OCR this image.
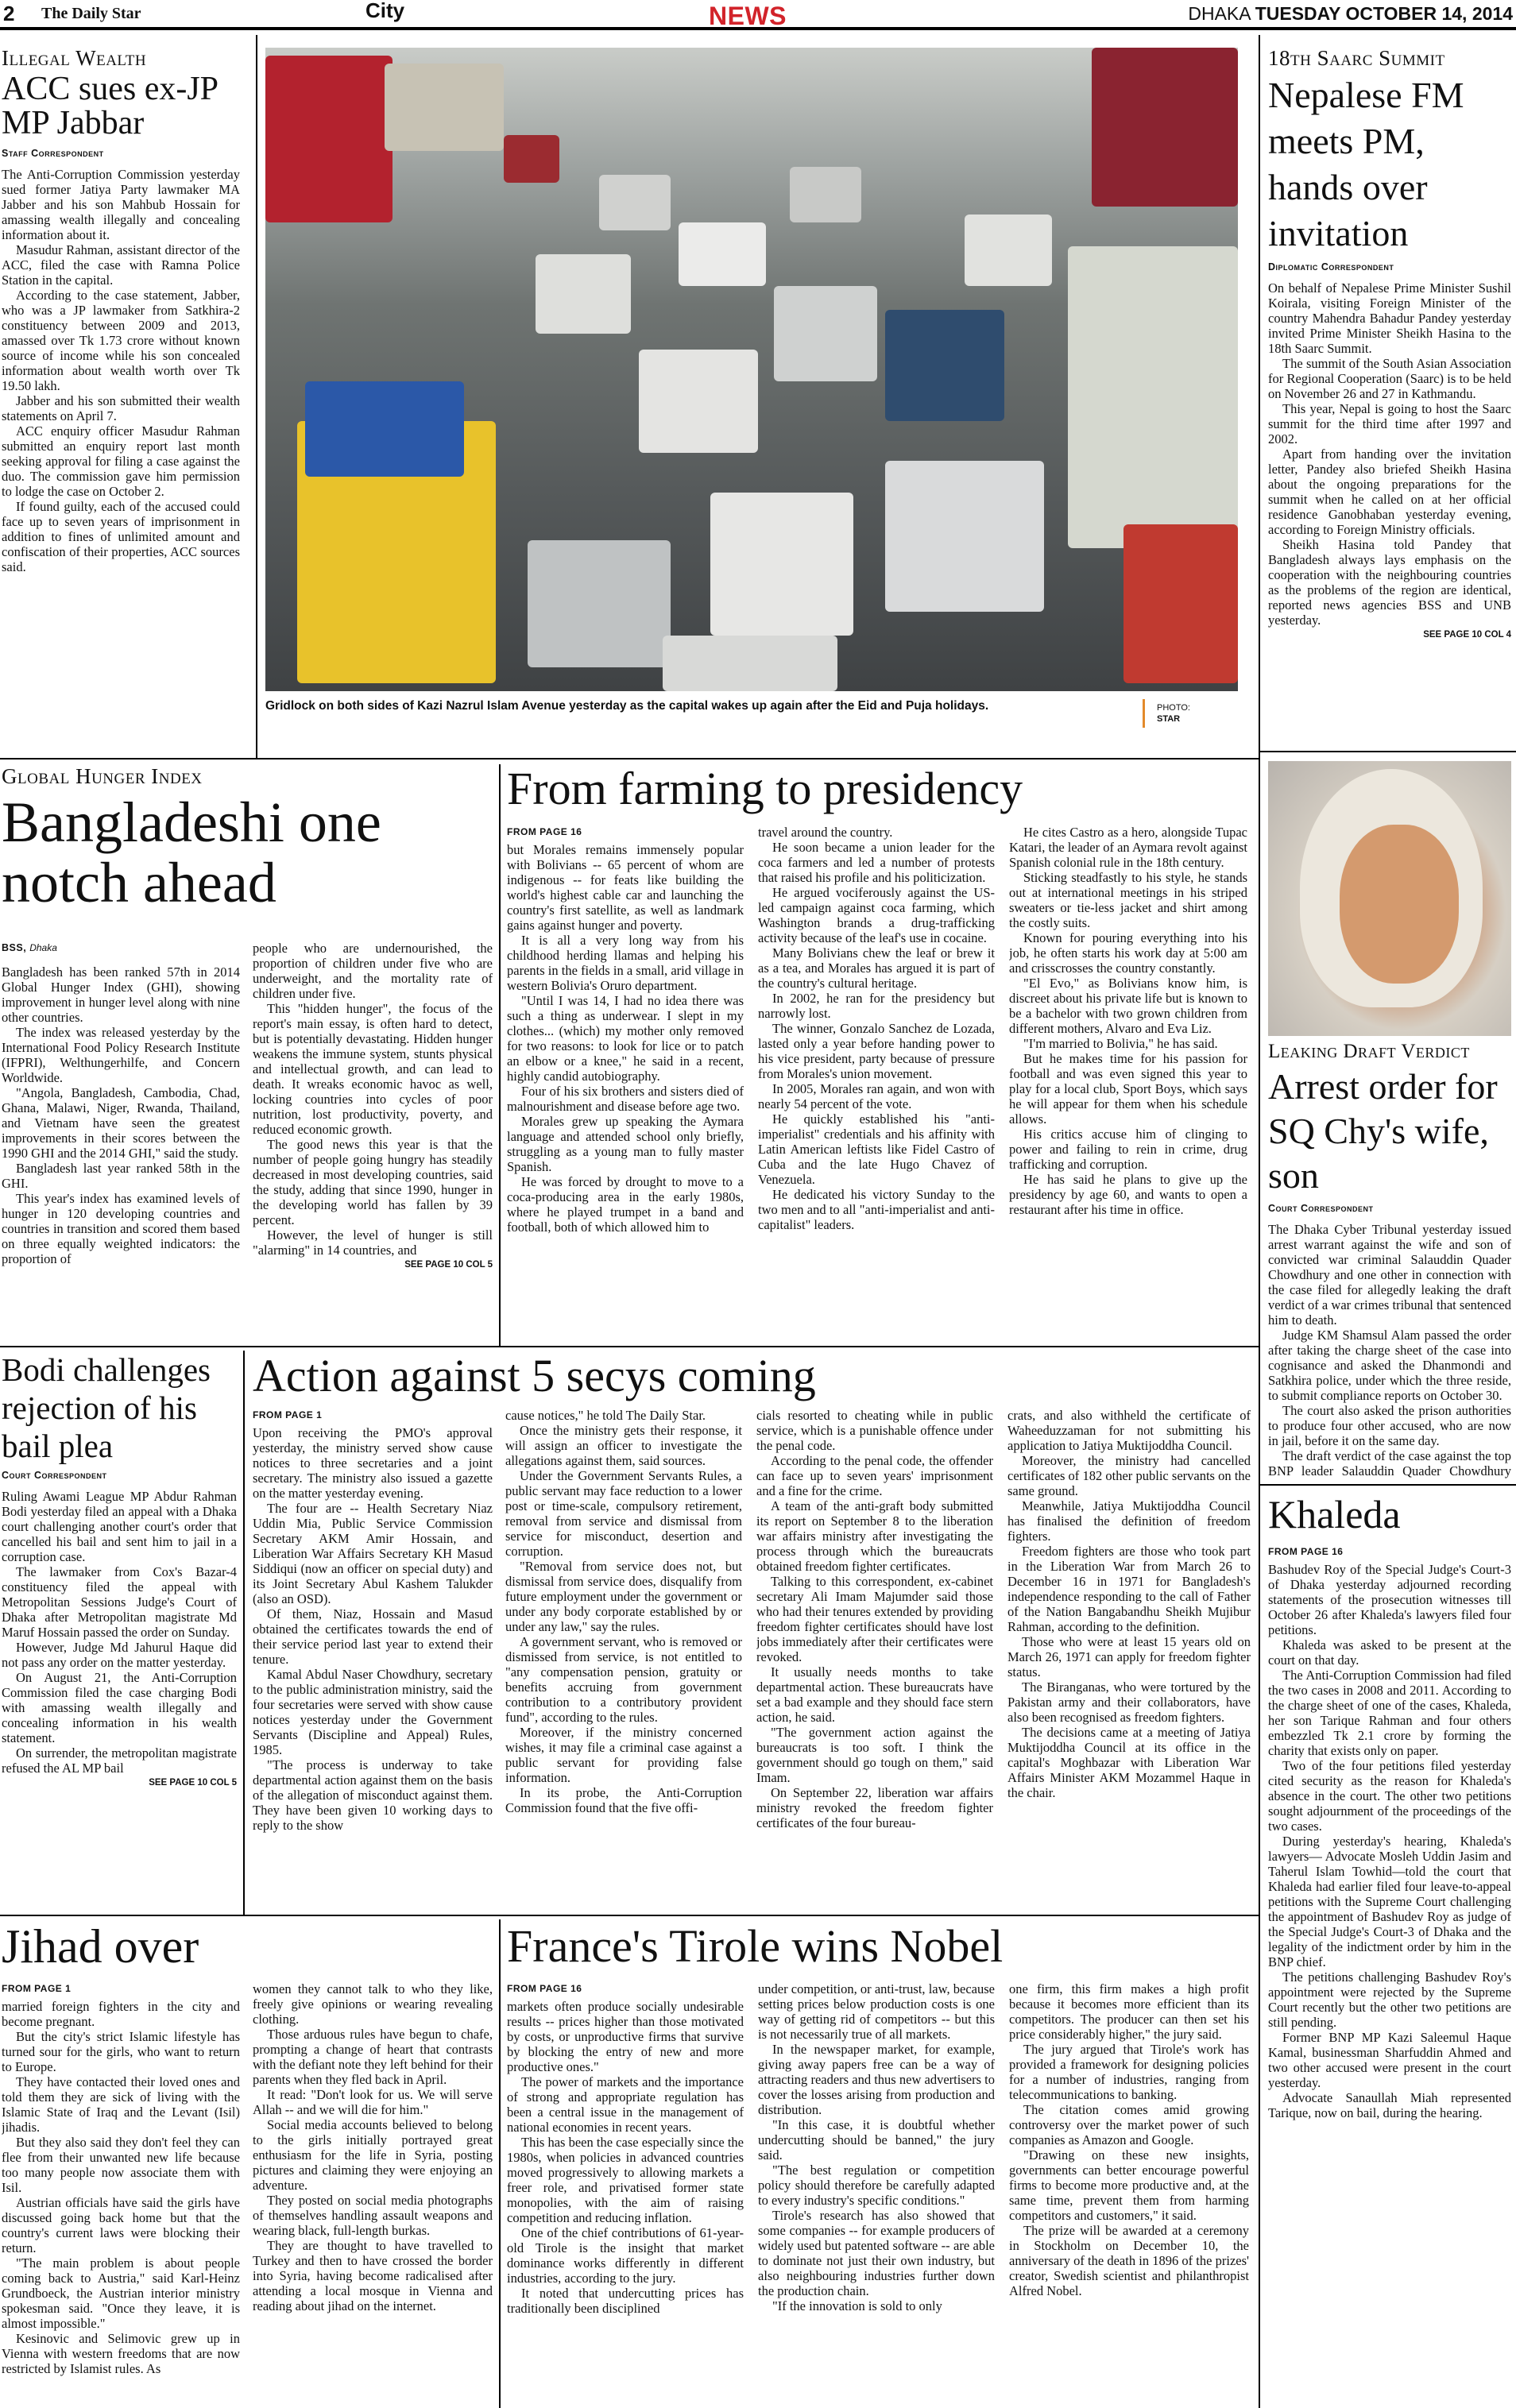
2 The Daily Star	City	NEWS	DHAKA TUESDAY OCTOBER 14, 2014
Illegal Wealth
ACC sues ex-JP MP Jabbar
Staff Correspondent

The Anti-Corruption Commission yesterday sued former Jatiya Party lawmaker MA Jabber and his son Mahbub Hossain for amassing wealth illegally and concealing information about it.

Masudur Rahman, assistant director of the ACC, filed the case with Ramna Police Station in the capital.

According to the case statement, Jabber, who was a JP lawmaker from Satkhira-2 constituency between 2009 and 2013, amassed over Tk 1.73 crore without known source of income while his son concealed information about wealth worth over Tk 19.50 lakh.

Jabber and his son submitted their wealth statements on April 7.

ACC enquiry officer Masudur Rahman submitted an enquiry report last month seeking approval for filing a case against the duo. The commission gave him permission to lodge the case on October 2.

If found guilty, each of the accused could face up to seven years of imprisonment in addition to fines of unlimited amount and confiscation of their properties, ACC sources said.

Gridlock on both sides of Kazi Nazrul Islam Avenue yesterday as the capital wakes up again after the Eid and Puja holidays.	PHOTO:
STAR
18th Saarc Summit
Nepalese FM meets PM, hands over invitation
Diplomatic Correspondent

On behalf of Nepalese Prime Minister Sushil Koirala, visiting Foreign Minister of the country Mahendra Bahadur Pandey yesterday invited Prime Minister Sheikh Hasina to the 18th Saarc Summit.

The summit of the South Asian Association for Regional Cooperation (Saarc) is to be held on November 26 and 27 in Kathmandu.

This year, Nepal is going to host the Saarc summit for the third time after 1997 and 2002.

Apart from handing over the invitation letter, Pandey also briefed Sheikh Hasina about the ongoing preparations for the summit when he called on at her official residence Ganobhaban yesterday evening, according to Foreign Ministry officials.

Sheikh Hasina told Pandey that Bangladesh always lays emphasis on the cooperation with the neighbouring countries as the problems of the region are identical, reported news agencies BSS and UNB yesterday.

SEE PAGE 10 COL 4

Leaking Draft Verdict
Arrest order for SQ Chy's wife, son
Court Correspondent

The Dhaka Cyber Tribunal yesterday issued arrest warrant against the wife and son of convicted war criminal Salauddin Quader Chowdhury and one other in connection with the case filed for allegedly leaking the draft verdict of a war crimes tribunal that sentenced him to death.

Judge KM Shamsul Alam passed the order after taking the charge sheet of the case into cognisance and asked the Dhanmondi and Satkhira police, under which the three reside, to submit compliance reports on October 30.

The court also asked the prison authorities to produce four other accused, who are now in jail, before it on the same day.

The draft verdict of the case against the top BNP leader Salauddin Quader Chowdhury

Khaleda
FROM PAGE 16

Bashudev Roy of the Special Judge's Court-3 of Dhaka yesterday adjourned recording statements of the prosecution witnesses till October 26 after Khaleda's lawyers filed four petitions.

Khaleda was asked to be present at the court on that day.

The Anti-Corruption Commission had filed the two cases in 2008 and 2011. According to the charge sheet of one of the cases, Khaleda, her son Tarique Rahman and four others embezzled Tk 2.1 crore by forming the charity that exists only on paper.

Two of the four petitions filed yesterday cited security as the reason for Khaleda's absence in the court. The other two petitions sought adjournment of the proceedings of the two cases.

During yesterday's hearing, Khaleda's lawyers— Advocate Mosleh Uddin Jasim and Taherul Islam Towhid—told the court that Khaleda had earlier filed four leave-to-appeal petitions with the Supreme Court challenging the appointment of Bashudev Roy as judge of the Special Judge's Court-3 of Dhaka and the legality of the indictment order by him in the BNP chief.

The petitions challenging Bashudev Roy's appointment were rejected by the Supreme Court recently but the other two petitions are still pending.

Former BNP MP Kazi Saleemul Haque Kamal, businessman Sharfuddin Ahmed and two other accused were present in the court yesterday.

Advocate Sanaullah Miah represented Tarique, now on bail, during the hearing.

Global Hunger Index
Bangladeshi one notch ahead
BSS, Dhaka

Bangladesh has been ranked 57th in 2014 Global Hunger Index (GHI), showing improvement in hunger level along with nine other countries.

The index was released yesterday by the International Food Policy Research Institute (IFPRI), Welthungerhilfe, and Concern Worldwide.

"Angola, Bangladesh, Cambodia, Chad, Ghana, Malawi, Niger, Rwanda, Thailand, and Vietnam have seen the greatest improvements in their scores between the 1990 GHI and the 2014 GHI," said the study.

Bangladesh last year ranked 58th in the GHI.

This year's index has examined levels of hunger in 120 developing countries and countries in transition and scored them based on three equally weighted indicators: the proportion of

people who are undernourished, the proportion of children under five who are underweight, and the mortality rate of children under five.

This "hidden hunger", the focus of the report's main essay, is often hard to detect, but is potentially devastating. Hidden hunger weakens the immune system, stunts physical and intellectual growth, and can lead to death. It wreaks economic havoc as well, locking countries into cycles of poor nutrition, lost productivity, poverty, and reduced economic growth.

The good news this year is that the number of people going hungry has steadily decreased in most developing countries, said the study, adding that since 1990, hunger in the developing world has fallen by 39 percent.

However, the level of hunger is still "alarming" in 14 countries, and

SEE PAGE 10 COL 5

From farming to presidency
FROM PAGE 16

but Morales remains immensely popular with Bolivians -- 65 percent of whom are indigenous -- for feats like building the world's highest cable car and launching the country's first satellite, as well as landmark gains against hunger and poverty.

It is all a very long way from his childhood herding llamas and helping his parents in the fields in a small, arid village in western Bolivia's Oruro department.

"Until I was 14, I had no idea there was such a thing as underwear. I slept in my clothes... (which) my mother only removed for two reasons: to look for lice or to patch an elbow or a knee," he said in a recent, highly candid autobiography.

Four of his six brothers and sisters died of malnourishment and disease before age two.

Morales grew up speaking the Aymara language and attended school only briefly, struggling as a young man to fully master Spanish.

He was forced by drought to move to a coca-producing area in the early 1980s, where he played trumpet in a band and football, both of which allowed him to

travel around the country.

He soon became a union leader for the coca farmers and led a number of protests that raised his profile and his politicization.

He argued vociferously against the US-led campaign against coca farming, which Washington brands a drug-trafficking activity because of the leaf's use in cocaine.

Many Bolivians chew the leaf or brew it as a tea, and Morales has argued it is part of the country's cultural heritage.

In 2002, he ran for the presidency but narrowly lost.

The winner, Gonzalo Sanchez de Lozada, lasted only a year before handing power to his vice president, party because of pressure from Morales's union movement.

In 2005, Morales ran again, and won with nearly 54 percent of the vote.

He quickly established his "anti-imperialist" credentials and his affinity with Latin American leftists like Fidel Castro of Cuba and the late Hugo Chavez of Venezuela.

He dedicated his victory Sunday to the two men and to all "anti-imperialist and anti-capitalist" leaders.

He cites Castro as a hero, alongside Tupac Katari, the leader of an Aymara revolt against Spanish colonial rule in the 18th century.

Sticking steadfastly to his style, he stands out at international meetings in his striped sweaters or tie-less jacket and shirt among the costly suits.

Known for pouring everything into his job, he often starts his work day at 5:00 am and crisscrosses the country constantly.

"El Evo," as Bolivians know him, is discreet about his private life but is known to be a bachelor with two grown children from different mothers, Alvaro and Eva Liz.

"I'm married to Bolivia," he has said.

But he makes time for his passion for football and was even signed this year to play for a local club, Sport Boys, which says he will appear for them when his schedule allows.

His critics accuse him of clinging to power and failing to rein in crime, drug trafficking and corruption.

He has said he plans to give up the presidency by age 60, and wants to open a restaurant after his time in office.

Bodi challenges rejection of his bail plea
Court Correspondent

Ruling Awami League MP Abdur Rahman Bodi yesterday filed an appeal with a Dhaka court challenging another court's order that cancelled his bail and sent him to jail in a corruption case.

The lawmaker from Cox's Bazar-4 constituency filed the appeal with Metropolitan Sessions Judge's Court of Dhaka after Metropolitan magistrate Md Maruf Hossain passed the order on Sunday.

However, Judge Md Jahurul Haque did not pass any order on the matter yesterday.

On August 21, the Anti-Corruption Commission filed the case charging Bodi with amassing wealth illegally and concealing information in his wealth statement.

On surrender, the metropolitan magistrate refused the AL MP bail

SEE PAGE 10 COL 5

Action against 5 secys coming
FROM PAGE 1

Upon receiving the PMO's approval yesterday, the ministry served show cause notices to three secretaries and a joint secretary. The ministry also issued a gazette on the matter yesterday evening.

The four are -- Health Secretary Niaz Uddin Mia, Public Service Commission Secretary AKM Amir Hossain, and Liberation War Affairs Secretary KH Masud Siddiqui (now an officer on special duty) and its Joint Secretary Abul Kashem Talukder (also an OSD).

Of them, Niaz, Hossain and Masud obtained the certificates towards the end of their service period last year to extend their tenure.

Kamal Abdul Naser Chowdhury, secretary to the public administration ministry, said the four secretaries were served with show cause notices yesterday under the Government Servants (Discipline and Appeal) Rules, 1985.

"The process is underway to take departmental action against them on the basis of the allegation of misconduct against them. They have been given 10 working days to reply to the show

cause notices," he told The Daily Star.

Once the ministry gets their response, it will assign an officer to investigate the allegations against them, said sources.

Under the Government Servants Rules, a public servant may face reduction to a lower post or time-scale, compulsory retirement, removal from service and dismissal from service for misconduct, desertion and corruption.

"Removal from service does not, but dismissal from service does, disqualify from future employment under the government or under any body corporate established by or under any law," say the rules.

A government servant, who is removed or dismissed from service, is not entitled to "any compensation pension, gratuity or benefits accruing from government contribution to a contributory provident fund", according to the rules.

Moreover, if the ministry concerned wishes, it may file a criminal case against a public servant for providing false information.

In its probe, the Anti-Corruption Commission found that the five offi-

cials resorted to cheating while in public service, which is a punishable offence under the penal code.

According to the penal code, the offender can face up to seven years' imprisonment and a fine for the crime.

A team of the anti-graft body submitted its report on September 8 to the liberation war affairs ministry after investigating the process through which the bureaucrats obtained freedom fighter certificates.

Talking to this correspondent, ex-cabinet secretary Ali Imam Majumder said those who had their tenures extended by providing freedom fighter certificates should have lost jobs immediately after their certificates were revoked.

It usually needs months to take departmental action. These bureaucrats have set a bad example and they should face stern action, he said.

"The government action against the bureaucrats is too soft. I think the government should go tough on them," said Imam.

On September 22, liberation war affairs ministry revoked the freedom fighter certificates of the four bureau-

crats, and also withheld the certificate of Waheeduzzaman for not submitting his application to Jatiya Muktijoddha Council.

Moreover, the ministry had cancelled certificates of 182 other public servants on the same ground.

Meanwhile, Jatiya Muktijoddha Council has finalised the definition of freedom fighters.

Freedom fighters are those who took part in the Liberation War from March 26 to December 16 in 1971 for Bangladesh's independence responding to the call of Father of the Nation Bangabandhu Sheikh Mujibur Rahman, according to the definition.

Those who were at least 15 years old on March 26, 1971 can apply for freedom fighter status.

The Biranganas, who were tortured by the Pakistan army and their collaborators, have also been recognised as freedom fighters.

The decisions came at a meeting of Jatiya Muktijoddha Council at its office in the capital's Moghbazar with Liberation War Affairs Minister AKM Mozammel Haque in the chair.

Jihad over
FROM PAGE 1

married foreign fighters in the city and become pregnant.

But the city's strict Islamic lifestyle has turned sour for the girls, who want to return to Europe.

They have contacted their loved ones and told them they are sick of living with the Islamic State of Iraq and the Levant (Isil) jihadis.

But they also said they don't feel they can flee from their unwanted new life because too many people now associate them with Isil.

Austrian officials have said the girls have discussed going back home but that the country's current laws were blocking their return.

"The main problem is about people coming back to Austria," said Karl-Heinz Grundboeck, the Austrian interior ministry spokesman said. "Once they leave, it is almost impossible."

Kesinovic and Selimovic grew up in Vienna with western freedoms that are now restricted by Islamist rules. As

women they cannot talk to who they like, freely give opinions or wearing revealing clothing.

Those arduous rules have begun to chafe, prompting a change of heart that contrasts with the defiant note they left behind for their parents when they fled back in April.

It read: "Don't look for us. We will serve Allah -- and we will die for him."

Social media accounts believed to belong to the girls initially portrayed great enthusiasm for the life in Syria, posting pictures and claiming they were enjoying an adventure.

They posted on social media photographs of themselves handling assault weapons and wearing black, full-length burkas.

They are thought to have travelled to Turkey and then to have crossed the border into Syria, having become radicalised after attending a local mosque in Vienna and reading about jihad on the internet.

France's Tirole wins Nobel
FROM PAGE 16

markets often produce socially undesirable results -- prices higher than those motivated by costs, or unproductive firms that survive by blocking the entry of new and more productive ones."

The power of markets and the importance of strong and appropriate regulation has been a central issue in the management of national economies in recent years.

This has been the case especially since the 1980s, when policies in advanced countries moved progressively to allowing markets a freer role, and privatised former state monopolies, with the aim of raising competition and reducing inflation.

One of the chief contributions of 61-year-old Tirole is the insight that market dominance works differently in different industries, according to the jury.

It noted that undercutting prices has traditionally been disciplined

under competition, or anti-trust, law, because setting prices below production costs is one way of getting rid of competitors -- but this is not necessarily true of all markets.

In the newspaper market, for example, giving away papers free can be a way of attracting readers and thus new advertisers to cover the losses arising from production and distribution.

"In this case, it is doubtful whether undercutting should be banned," the jury said.

"The best regulation or competition policy should therefore be carefully adapted to every industry's specific conditions."

Tirole's research has also showed that some companies -- for example producers of widely used but patented software -- are able to dominate not just their own industry, but also neighbouring industries further down the production chain.

"If the innovation is sold to only

one firm, this firm makes a high profit because it becomes more efficient than its competitors. The producer can then set his price considerably higher," the jury said.

The jury argued that Tirole's work has provided a framework for designing policies for a number of industries, ranging from telecommunications to banking.

The citation comes amid growing controversy over the market power of such companies as Amazon and Google.

"Drawing on these new insights, governments can better encourage powerful firms to become more productive and, at the same time, prevent them from harming competitors and customers," it said.

The prize will be awarded at a ceremony in Stockholm on December 10, the anniversary of the death in 1896 of the prizes' creator, Swedish scientist and philanthropist Alfred Nobel.
